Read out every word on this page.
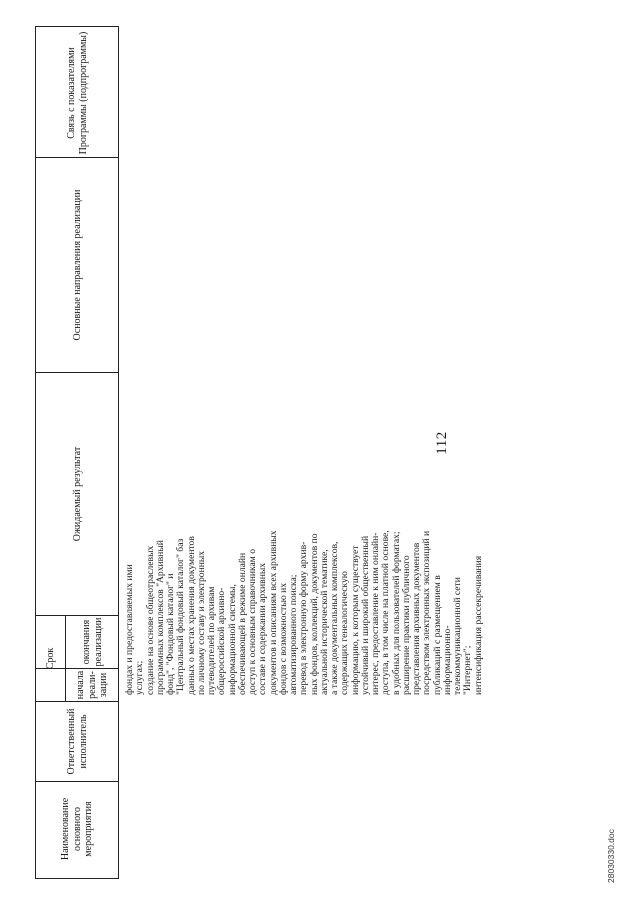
112
Наименование основного мероприятия
Ответственный исполнитель
Срок
начала реали-зации
окончания реализации
Ожидаемый результат
Основные направления реализации
Связь с показателями Программы (подпрограммы)
фондах и предоставляемых ими услугах; создание на основе общеотраслевых программных комплексов "Архивный фонд", "Фондовый каталог" и "Центральный фондовый каталог" баз данных о местах хранения документов по личному составу и электронных путеводителей по архивам общероссийской архивно- информационной системы, обеспечивающей в режиме онлайн доступ к основным справочникам о составе и содержании архивных документов и описаниям всех архивных фондов с возможностью их автоматизированного поиска; перевод в электронную форму архив- ных фондов, коллекций, документов по актуальной исторической тематике, а также документальных комплексов, содержащих генеалогическую информацию, к которым существует устойчивый и широкий общественный интерес, предоставление к ним онлайн- доступа, в том числе на платной основе, в удобных для пользователей форматах; расширение практики публичного представления архивных документов посредством электронных экспозиций и публикаций с размещением в информационно- телекоммуникационной сети "Интернет"; интенсификация рассекречивания
28030330.doc
